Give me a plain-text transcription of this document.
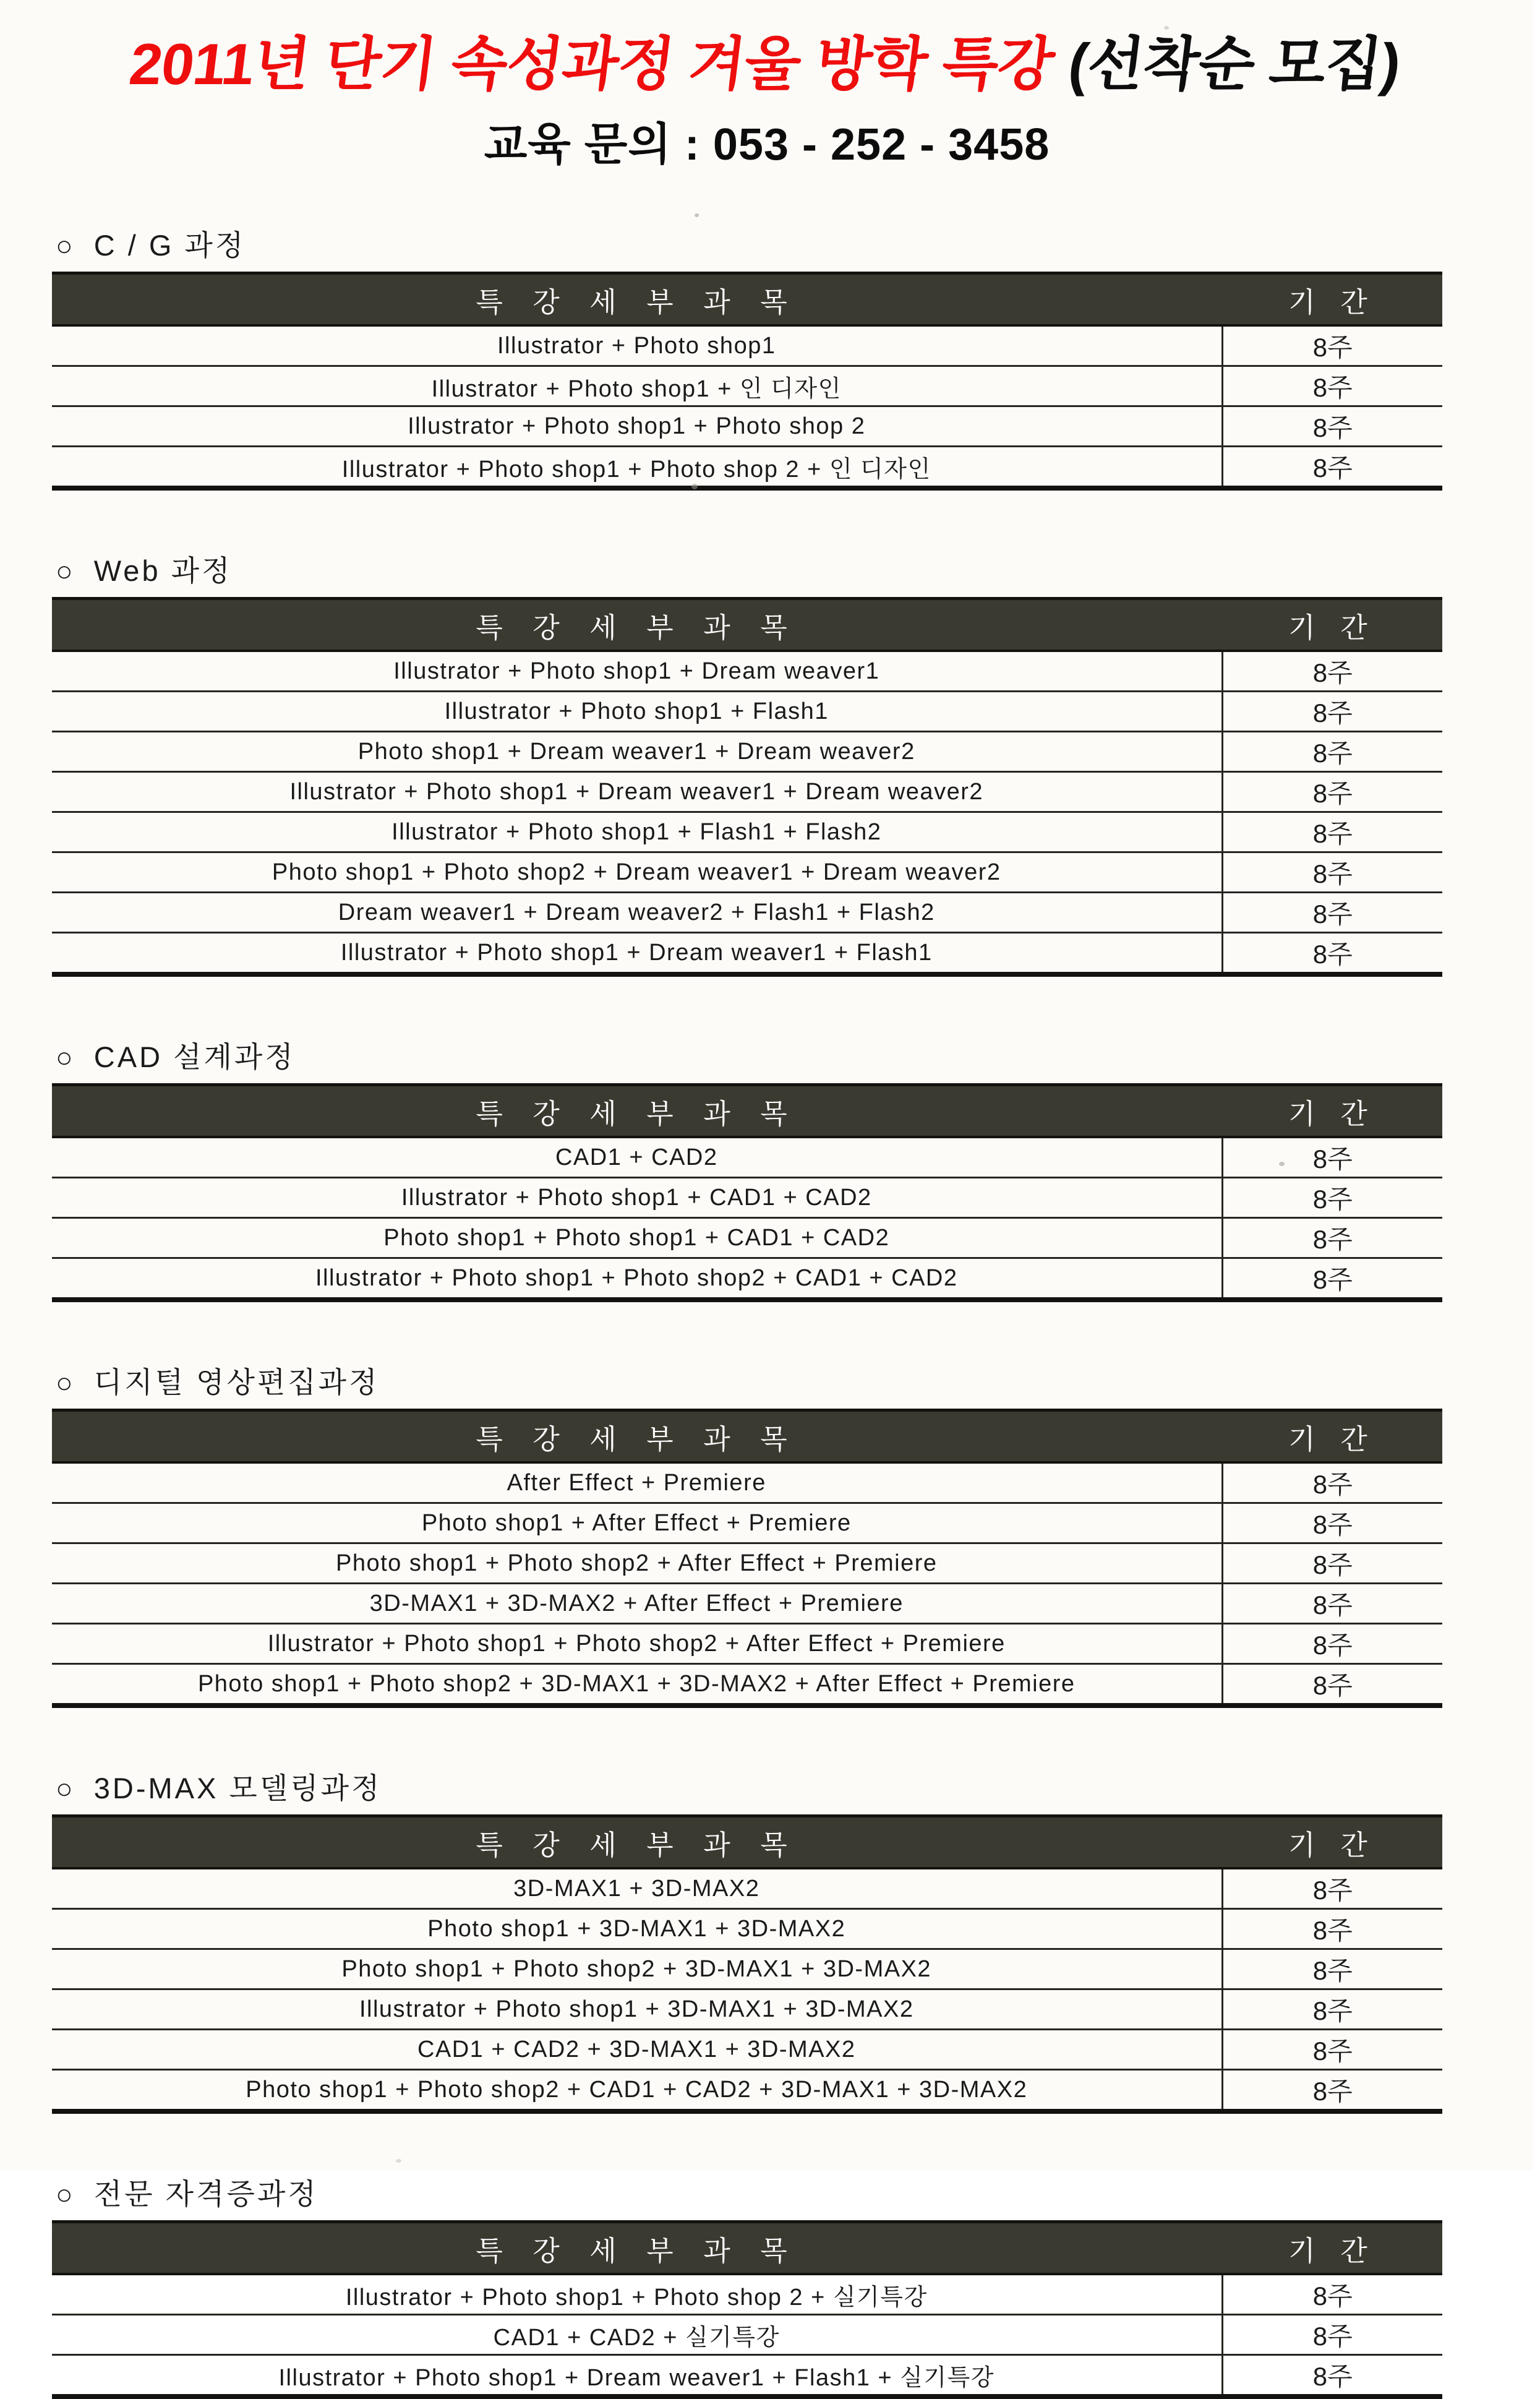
2011년 단기 속성과정 겨울 방학 특강 (선착순 모집)
교육 문의 : 053 - 252 - 3458
○ C / G 과정
특 강 세 부 과 목	기 간
Illustrator + Photo shop1	8주
Illustrator + Photo shop1 + 인 디자인	8주
Illustrator + Photo shop1 + Photo shop 2	8주
Illustrator + Photo shop1 + Photo shop 2 + 인 디자인	8주
○ Web 과정
특 강 세 부 과 목	기 간
Illustrator + Photo shop1 + Dream weaver1	8주
Illustrator + Photo shop1 + Flash1	8주
Photo shop1 + Dream weaver1 + Dream weaver2	8주
Illustrator + Photo shop1 + Dream weaver1 + Dream weaver2	8주
Illustrator + Photo shop1 + Flash1 + Flash2	8주
Photo shop1 + Photo shop2 + Dream weaver1 + Dream weaver2	8주
Dream weaver1 + Dream weaver2 + Flash1 + Flash2	8주
Illustrator + Photo shop1 + Dream weaver1 + Flash1	8주
○ CAD 설계과정
특 강 세 부 과 목	기 간
CAD1 + CAD2	8주
Illustrator + Photo shop1 + CAD1 + CAD2	8주
Photo shop1 + Photo shop1 + CAD1 + CAD2	8주
Illustrator + Photo shop1 + Photo shop2 + CAD1 + CAD2	8주
○ 디지털 영상편집과정
특 강 세 부 과 목	기 간
After Effect + Premiere	8주
Photo shop1 + After Effect + Premiere	8주
Photo shop1 + Photo shop2 + After Effect + Premiere	8주
3D-MAX1 + 3D-MAX2 + After Effect + Premiere	8주
Illustrator + Photo shop1 + Photo shop2 + After Effect + Premiere	8주
Photo shop1 + Photo shop2 + 3D-MAX1 + 3D-MAX2 + After Effect + Premiere	8주
○ 3D-MAX 모델링과정
특 강 세 부 과 목	기 간
3D-MAX1 + 3D-MAX2	8주
Photo shop1 + 3D-MAX1 + 3D-MAX2	8주
Photo shop1 + Photo shop2 + 3D-MAX1 + 3D-MAX2	8주
Illustrator + Photo shop1 + 3D-MAX1 + 3D-MAX2	8주
CAD1 + CAD2 + 3D-MAX1 + 3D-MAX2	8주
Photo shop1 + Photo shop2 + CAD1 + CAD2 + 3D-MAX1 + 3D-MAX2	8주
○ 전문 자격증과정
특 강 세 부 과 목	기 간
Illustrator + Photo shop1 + Photo shop 2 + 실기특강	8주
CAD1 + CAD2 + 실기특강	8주
Illustrator + Photo shop1 + Dream weaver1 + Flash1 + 실기특강	8주
